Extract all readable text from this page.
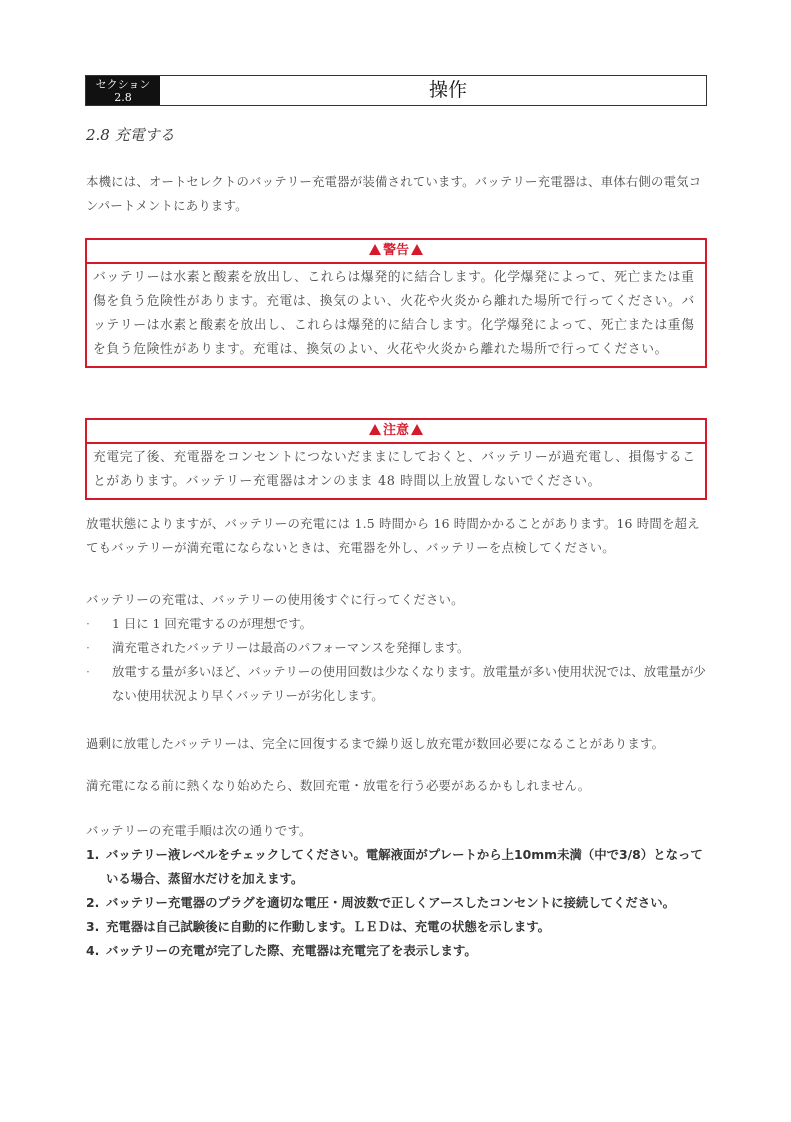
セクション
2.8	操作
2.8 充電する
本機には、オートセレクトのバッテリー充電器が装備されています。バッテリー充電器は、車体右側の電気コンパートメントにあります。
警告
バッテリーは水素と酸素を放出し、これらは爆発的に結合します。化学爆発によって、死亡または重傷を負う危険性があります。充電は、換気のよい、火花や火炎から離れた場所で行ってください。バッテリーは水素と酸素を放出し、これらは爆発的に結合します。化学爆発によって、死亡または重傷を負う危険性があります。充電は、換気のよい、火花や火炎から離れた場所で行ってください。
注意
充電完了後、充電器をコンセントにつないだままにしておくと、バッテリーが過充電し、損傷することがあります。バッテリー充電器はオンのまま 48 時間以上放置しないでください。
放電状態によりますが、バッテリーの充電には 1.5 時間から 16 時間かかることがあります。16 時間を超えてもバッテリーが満充電にならないときは、充電器を外し、バッテリーを点検してください。
バッテリーの充電は、バッテリーの使用後すぐに行ってください。
·	1 日に 1 回充電するのが理想です。
·	満充電されたバッテリーは最高のパフォーマンスを発揮します。
·	放電する量が多いほど、バッテリーの使用回数は少なくなります。放電量が多い使用状況では、放電量が少ない使用状況より早くバッテリーが劣化します。
過剰に放電したバッテリーは、完全に回復するまで繰り返し放充電が数回必要になることがあります。
満充電になる前に熱くなり始めたら、数回充電・放電を行う必要があるかもしれません。
バッテリーの充電手順は次の通りです。
1. バッテリー液レベルをチェックしてください。電解液面がプレートから上10mm未満（中で3/8）となっている場合、蒸留水だけを加えます。
2. バッテリー充電器のプラグを適切な電圧・周波数で正しくアースしたコンセントに接続してください。
3. 充電器は自己試験後に自動的に作動します。ＬＥＤは、充電の状態を示します。
4. バッテリーの充電が完了した際、充電器は充電完了を表示します。
